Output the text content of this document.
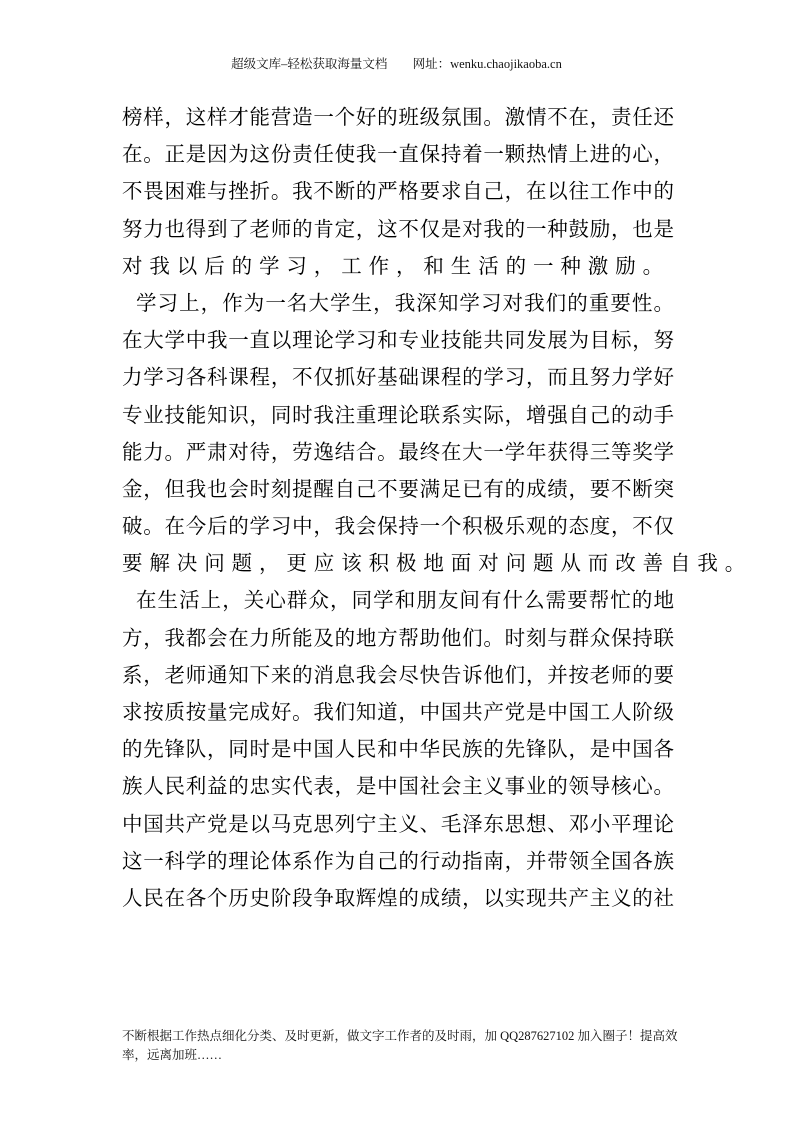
超级文库–轻松获取海量文档 网址：wenku.chaojikaoba.cn
榜样，这样才能营造一个好的班级氛围。激情不在，责任还
在。正是因为这份责任使我一直保持着一颗热情上进的心，
不畏困难与挫折。我不断的严格要求自己，在以往工作中的
努力也得到了老师的肯定，这不仅是对我的一种鼓励，也是
对我以后的学习，工作，和生活的一种激励。
学习上，作为一名大学生，我深知学习对我们的重要性。
在大学中我一直以理论学习和专业技能共同发展为目标，努
力学习各科课程，不仅抓好基础课程的学习，而且努力学好
专业技能知识，同时我注重理论联系实际，增强自己的动手
能力。严肃对待，劳逸结合。最终在大一学年获得三等奖学
金，但我也会时刻提醒自己不要满足已有的成绩，要不断突
破。在今后的学习中，我会保持一个积极乐观的态度，不仅
要解决问题，更应该积极地面对问题从而改善自我。
在生活上，关心群众，同学和朋友间有什么需要帮忙的地
方，我都会在力所能及的地方帮助他们。时刻与群众保持联
系，老师通知下来的消息我会尽快告诉他们，并按老师的要
求按质按量完成好。我们知道，中国共产党是中国工人阶级
的先锋队，同时是中国人民和中华民族的先锋队，是中国各
族人民利益的忠实代表，是中国社会主义事业的领导核心。
中国共产党是以马克思列宁主义、毛泽东思想、邓小平理论
这一科学的理论体系作为自己的行动指南，并带领全国各族
人民在各个历史阶段争取辉煌的成绩，以实现共产主义的社
不断根据工作热点细化分类、及时更新，做文字工作者的及时雨，加 QQ287627102 加入圈子！提高效率，远离加班……
